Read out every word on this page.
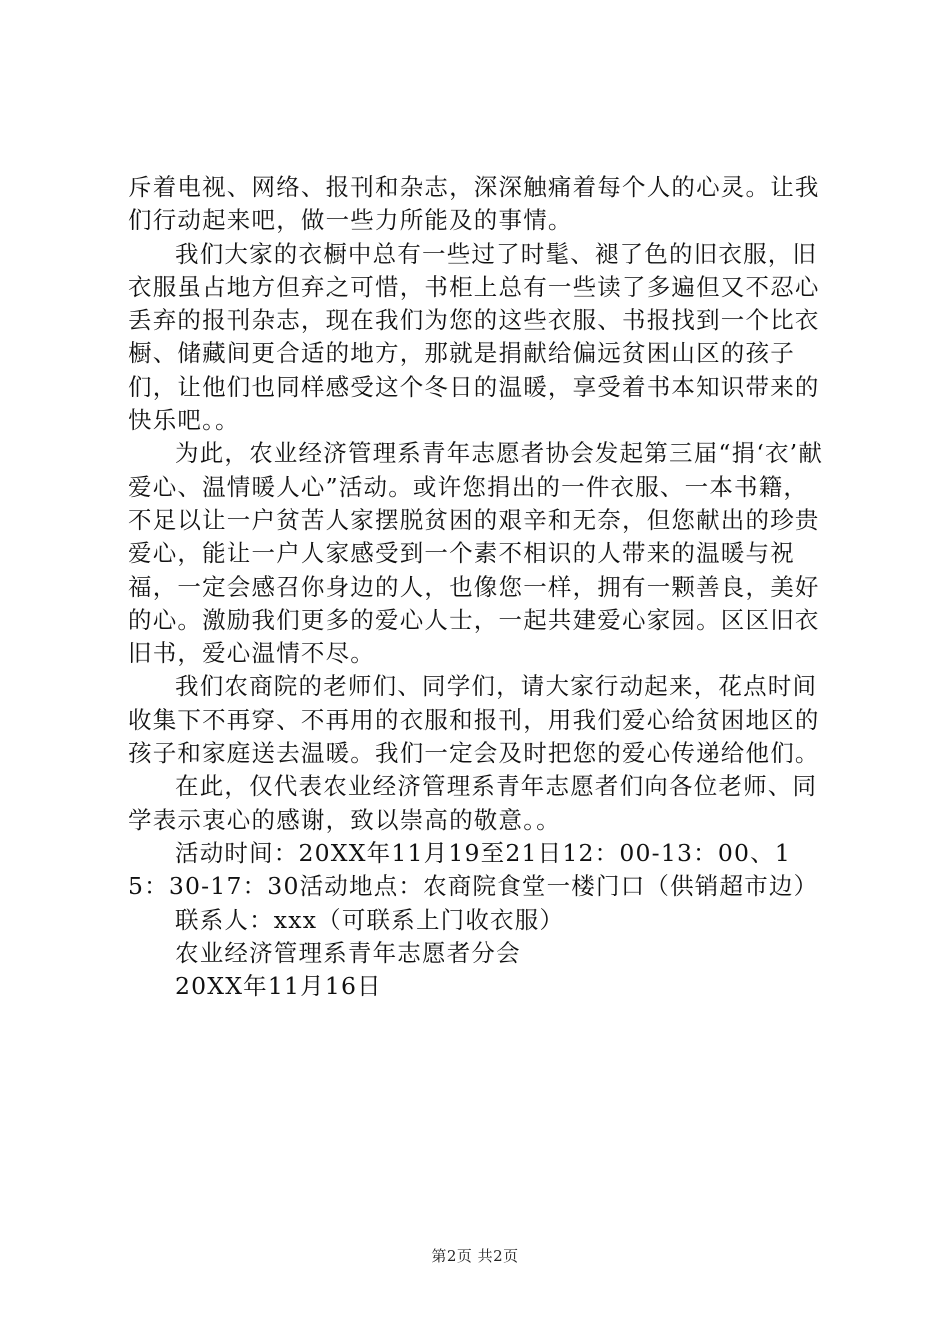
斥着电视、网络、报刊和杂志，深深触痛着每个人的心灵。让我们行动起来吧，做一些力所能及的事情。

我们大家的衣橱中总有一些过了时髦、褪了色的旧衣服，旧衣服虽占地方但弃之可惜，书柜上总有一些读了多遍但又不忍心丢弃的报刊杂志，现在我们为您的这些衣服、书报找到一个比衣橱、储藏间更合适的地方，那就是捐献给偏远贫困山区的孩子们，让他们也同样感受这个冬日的温暖，享受着书本知识带来的快乐吧。。

为此，农业经济管理系青年志愿者协会发起第三届“捐‘衣’献爱心、温情暖人心”活动。或许您捐出的一件衣服、一本书籍，不足以让一户贫苦人家摆脱贫困的艰辛和无奈，但您献出的珍贵爱心，能让一户人家感受到一个素不相识的人带来的温暖与祝福，一定会感召你身边的人，也像您一样，拥有一颗善良，美好的心。激励我们更多的爱心人士，一起共建爱心家园。区区旧衣旧书，爱心温情不尽。

我们农商院的老师们、同学们，请大家行动起来，花点时间收集下不再穿、不再用的衣服和报刊，用我们爱心给贫困地区的孩子和家庭送去温暖。我们一定会及时把您的爱心传递给他们。

在此，仅代表农业经济管理系青年志愿者们向各位老师、同学表示衷心的感谢，致以崇高的敬意。。

活动时间：20XX年11月19至21日12：00-13：00、15：30-17：30活动地点：农商院食堂一楼门口（供销超市边）

联系人：xxx（可联系上门收衣服）

农业经济管理系青年志愿者分会

20XX年11月16日

第2页 共2页
